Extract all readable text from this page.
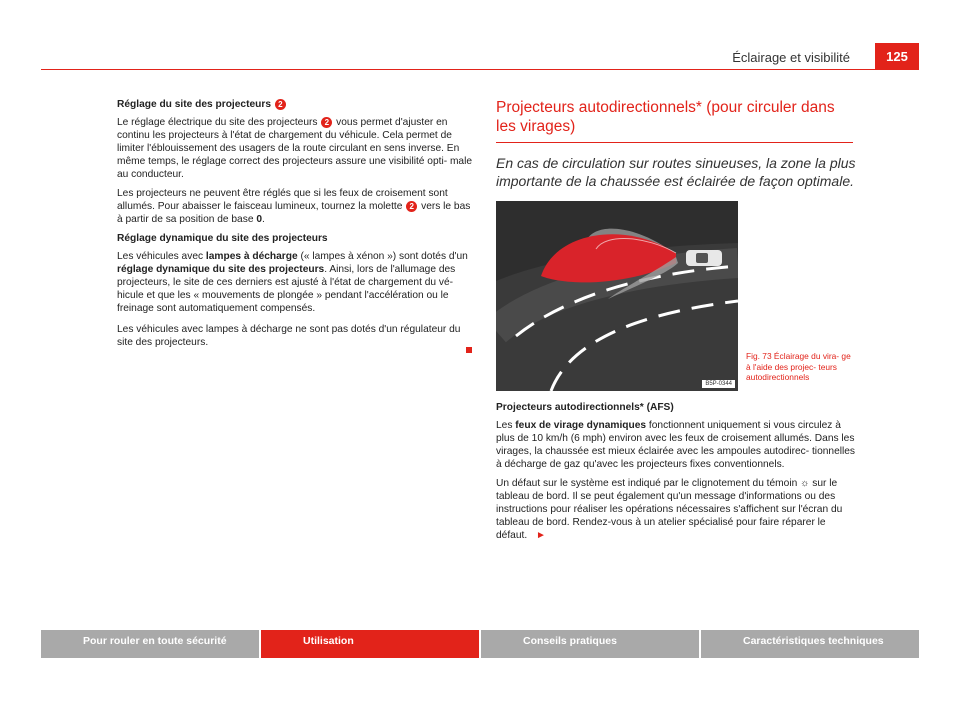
Éclairage et visibilité	125

Réglage du site des projecteurs 2

Le réglage électrique du site des projecteurs 2 vous permet d'ajuster en continu les projecteurs à l'état de chargement du véhicule. Cela permet de limiter l'éblouissement des usagers de la route circulant en sens inverse. En même temps, le réglage correct des projecteurs assure une visibilité opti- male au conducteur.

Les projecteurs ne peuvent être réglés que si les feux de croisement sont allumés. Pour abaisser le faisceau lumineux, tournez la molette 2 vers le bas à partir de sa position de base 0.

Réglage dynamique du site des projecteurs

Les véhicules avec lampes à décharge (« lampes à xénon ») sont dotés d'un réglage dynamique du site des projecteurs. Ainsi, lors de l'allumage des projecteurs, le site de ces derniers est ajusté à l'état de chargement du vé- hicule et que les « mouvements de plongée » pendant l'accélération ou le freinage sont automatiquement compensés.

Les véhicules avec lampes à décharge ne sont pas dotés d'un régulateur du site des projecteurs.

Projecteurs autodirectionnels* (pour circuler dans les virages)

En cas de circulation sur routes sinueuses, la zone la plus importante de la chaussée est éclairée de façon optimale.

B5P-0344
Fig. 73 Éclairage du vira- ge à l'aide des projec- teurs autodirectionnels

Projecteurs autodirectionnels* (AFS)

Les feux de virage dynamiques fonctionnent uniquement si vous circulez à plus de 10 km/h (6 mph) environ avec les feux de croisement allumés. Dans les virages, la chaussée est mieux éclairée avec les ampoules autodirec- tionnelles à décharge de gaz qu'avec les projecteurs fixes conventionnels.

Un défaut sur le système est indiqué par le clignotement du témoin ☼ sur le tableau de bord. Il se peut également qu'un message d'informations ou des instructions pour réaliser les opérations nécessaires s'affichent sur l'écran du tableau de bord. Rendez-vous à un atelier spécialisé pour faire réparer le défaut. ►

Pour rouler en toute sécurité	Utilisation	Conseils pratiques	Caractéristiques techniques
